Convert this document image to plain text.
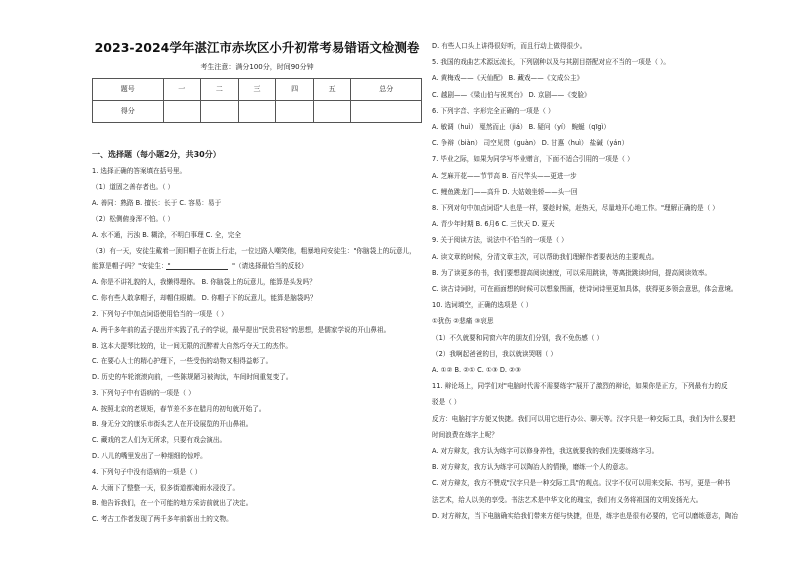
2023-2024学年湛江市赤坎区小升初常考易错语文检测卷
考生注意：满分100分，时间90分钟
题号	一	二	三	四	五	总分
得分						
一、选择题（每小题2分，共30分）
1. 选择正确的答案填在括号里。
（1）道固之善存者也。（ ）
A. 善同：熟路 B. 擅长：长于 C. 容易：易于
（2）松侧俯身浑不怕。（ ）
A. 水不通，污浊 B. 糊涂，不明白事理 C. 全，完全
（3）有一天，安徒生戴着一顶旧帽子在街上行走，一位过路人嘲笑他，粗暴地问安徒生："你脑袋上的玩意儿，
能算是帽子吗？"安徒生："	"（请选择最恰当的反驳）
A. 你是不讲礼貌的人，我懒得理你。 B. 你脑袋上的玩意儿，能算是头发吗？
C. 你有些人敢拿帽子，却帽住眼睛。 D. 你帽子下的玩意儿，能算是脑袋吗？
2. 下列句子中加点词语使用恰当的一项是（ ）
A. 两千多年前的孟子提出并实践了孔子的学说，最早提出"民贵君轻"的思想，是儒家学说的开山鼻祖。
B. 这本大提琴比较的，让一间无限的沉醉着大自然巧夺天工的杰作。
C. 在要心人士的精心护理下，一些受伤的动物又相得益彰了。
D. 历史的车轮滚滚向前，一些陈规陋习被淘汰，车间时间重复变了。
3. 下列句子中有语病的一项是（ ）
A. 按照北京的老规矩，春节差不多在腊月的初旬就开始了。
B. 身无分文的康乐市街头艺人在开设展览的开山鼻祖。
C. 藏戏的艺人们为无所求，只要有戏会演出。
D. 八儿的嘴里发出了一种细细的惊呼。
4. 下列句子中没有语病的一项是（ ）
A. 大雨下了整整一天，很多街道都淹雨水浸没了。
B. 他告诉我们，在一个可能的地方采访前就出了决定。
C. 考古工作者发现了两千多年前新出土的文物。
D. 有些人口头上讲得很好听，而且行动上做得很少。
5. 我国的戏曲艺术源远流长，下列剧种以及与其剧目搭配对应不当的一项是（ ）。
A. 黄梅戏——《天仙配》 B. 藏戏——《文成公主》
C. 越剧——《梁山伯与祝英台》 D. 京剧——《变脸》
6. 下列字音、字形完全正确的一项是（ ）
A. 敏调（huì） 戛然而止（jiá） B. 疑问（yí） 蜿蜒（qīgì）
C. 争辩（biàn） 司空见贯（guàn） D. 甘惠（huì） 盐碱（yán）
7. 毕业之际，如果为同学写毕业赠言，下面不适合引用的一项是（ ）
A. 芝麻开花——节节高 B. 百尺竿头——更进一步
C. 鲤鱼跳龙门——高升 D. 大姑娘坐轿——头一回
8. 下列对句中加点词语"人也是一样，要趁时候，赶热天，尽量地开心地工作。"理解正确的是（ ）
A. 青少年时期 B. 6月6 C. 三伏天 D. 夏天
9. 关于阅读方法，说法中不恰当的一项是（ ）
A. 读文章的时候，分清文章主次，可以帮助我们理解作者要表达的主要观点。
B. 为了读更多的书，我们要想提高阅读速度，可以采用跳读，等离批跳读时间，提高阅读效率。
C. 读古诗词时，可在画面想的时候可以想象图画，使诗词诗里更加具体，获得更多领会意思，体会意境。
10. 选词填空，正确的选项是（ ）
①犹伤 ②悲痛 ③哀思
（1）不久就要和同窗六年的朋友们分别，我不免伤感（ ）
（2）我啊起爸爸的目，我以就读哭咽（ ）
A. ①② B. ②① C. ①③ D. ②③
11. 辩论场上，同学们对"电脑时代需不需要练字"展开了激烈的辩论，如果你是正方，下列最有力的反
驳是（ ）
反方：电脑打字方便又快捷。我们可以用它进行办公、聊天等。汉字只是一种交际工具，我们为什么要把
时间浪费在练字上呢？
A. 对方辩友，我方认为练字可以修身养性，我这就要我的我们先要练练字习。
B. 对方辩友，我方认为练字可以陶冶人的情操，磨练一个人的意志。
C. 对方辩友，我方不赞成"汉字只是一种交际工具"的观点。汉字不仅可以用来交际、书写，更是一种书
法艺术，给人以美的享受。书法艺术是中华文化的瑰宝，我们有义务将祖国的文明发扬光大。
D. 对方辩友，当下电脑确实给我们带来方便与快捷，但是，练字也是很有必要的，它可以磨练意志，陶冶
